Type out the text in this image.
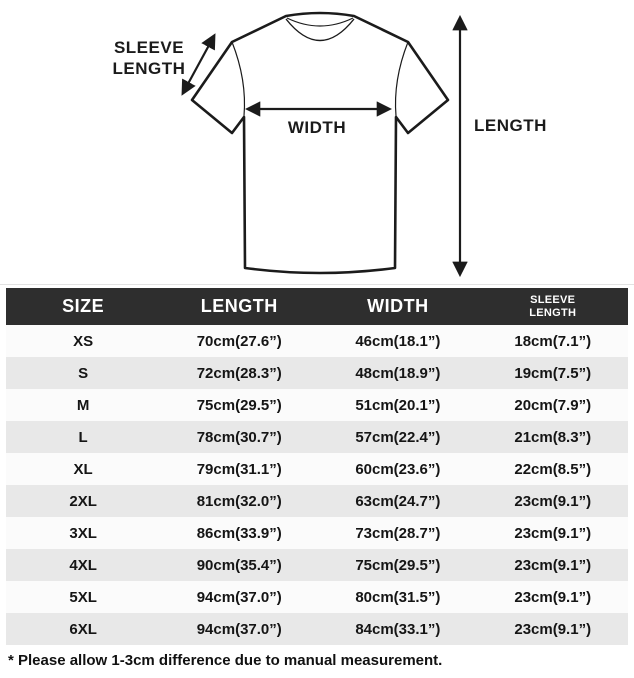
SLEEVE
LENGTH
WIDTH	LENGTH
SIZE	LENGTH	WIDTH	SLEEVE LENGTH

XS	70cm(27.6”)	46cm(18.1”)	18cm(7.1”)
S	72cm(28.3”)	48cm(18.9”)	19cm(7.5”)
M	75cm(29.5”)	51cm(20.1”)	20cm(7.9”)
L	78cm(30.7”)	57cm(22.4”)	21cm(8.3”)
XL	79cm(31.1”)	60cm(23.6”)	22cm(8.5”)
2XL	81cm(32.0”)	63cm(24.7”)	23cm(9.1”)
3XL	86cm(33.9”)	73cm(28.7”)	23cm(9.1”)
4XL	90cm(35.4”)	75cm(29.5”)	23cm(9.1”)
5XL	94cm(37.0”)	80cm(31.5”)	23cm(9.1”)
6XL	94cm(37.0”)	84cm(33.1”)	23cm(9.1”)
* Please allow 1-3cm difference due to manual measurement.
